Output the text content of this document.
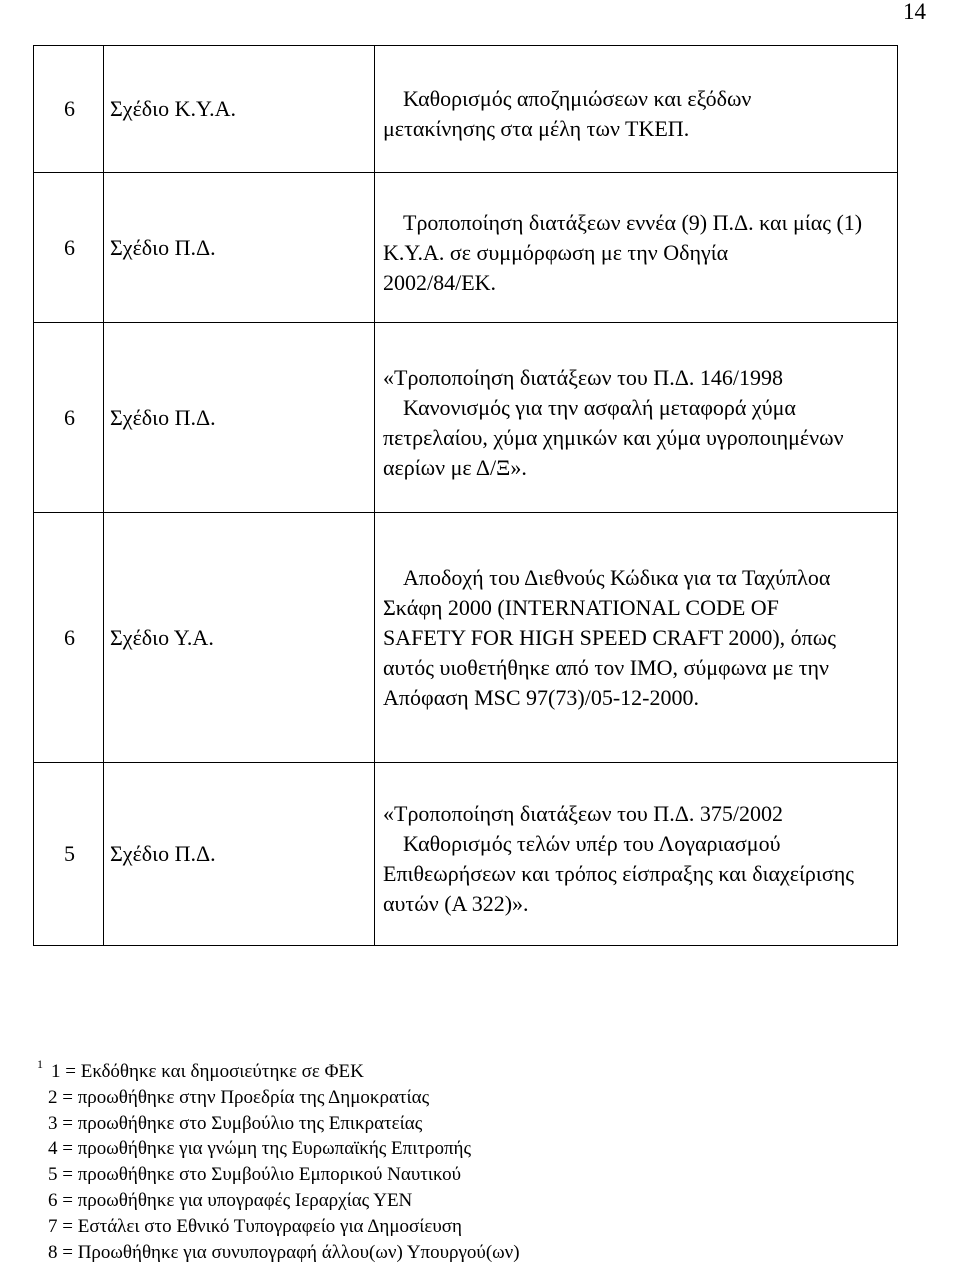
14
6	Σχέδιο Κ.Υ.Α.	Καθορισμός αποζημιώσεων και εξόδων
μετακίνησης στα μέλη των ΤΚΕΠ.

6	Σχέδιο Π.Δ.	Τροποποίηση διατάξεων εννέα (9) Π.Δ. και μίας (1)
Κ.Υ.Α. σε συμμόρφωση με την Οδηγία
2002/84/ΕΚ.

6	Σχέδιο Π.Δ.	«Τροποποίηση διατάξεων του Π.Δ. 146/1998
Κανονισμός για την ασφαλή μεταφορά χύμα
πετρελαίου, χύμα χημικών και χύμα υγροποιημένων
αερίων με Δ/Ξ».

6	Σχέδιο Υ.Α.	Αποδοχή του Διεθνούς Κώδικα για τα Ταχύπλοα
Σκάφη 2000 (INTERNATIONAL CODE OF
SAFETY FOR HIGH SPEED CRAFT 2000), όπως
αυτός υιοθετήθηκε από τον ΙΜΟ, σύμφωνα με την
Απόφαση MSC 97(73)/05-12-2000.

5	Σχέδιο Π.Δ.	«Τροποποίηση διατάξεων του Π.Δ. 375/2002
Καθορισμός τελών υπέρ του Λογαριασμού
Επιθεωρήσεων και τρόπος είσπραξης και διαχείρισης
αυτών (Α 322)».
$^1$ 1 = Εκδόθηκε και δημοσιεύτηκε σε ΦΕΚ
2 = προωθήθηκε στην Προεδρία της Δημοκρατίας
3 = προωθήθηκε στο Συμβούλιο της Επικρατείας
4 = προωθήθηκε για γνώμη της Ευρωπαϊκής Επιτροπής
5 = προωθήθηκε στο Συμβούλιο Εμπορικού Ναυτικού
6 = προωθήθηκε για υπογραφές Ιεραρχίας ΥΕΝ
7 = Εστάλει στο Εθνικό Τυπογραφείο για Δημοσίευση
8 = Προωθήθηκε για συνυπογραφή άλλου(ων) Υπουργού(ων)
